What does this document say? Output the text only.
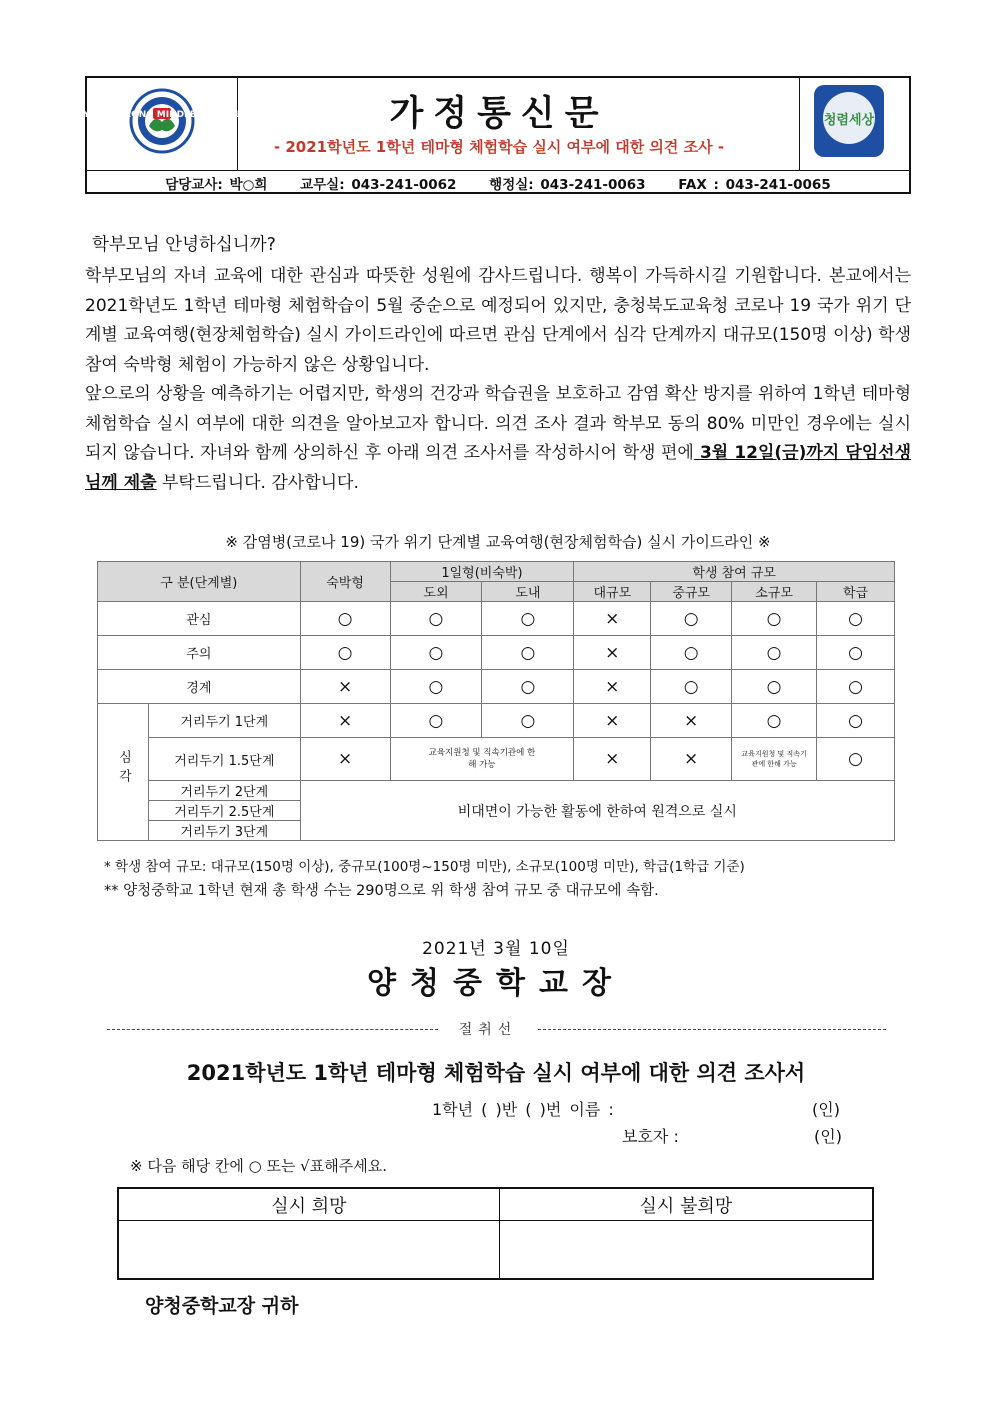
YANGCHEONG MIDDLE SCHOOL	가정통신문
- 2021학년도 1학년 테마형 체험학습 실시 여부에 대한 의견 조사 -
청렴세상
담당교사: 박○희 교무실: 043-241-0062 행정실: 043-241-0063 FAX : 043-241-0065
학부모님 안녕하십니까?
학부모님의 자녀 교육에 대한 관심과 따뜻한 성원에 감사드립니다. 행복이 가득하시길 기원합니다. 본교에서는 2021학년도 1학년 테마형 체험학습이 5월 중순으로 예정되어 있지만, 충청북도교육청 코로나 19 국가 위기 단계별 교육여행(현장체험학습) 실시 가이드라인에 따르면 관심 단계에서 심각 단계까지 대규모(150명 이상) 학생 참여 숙박형 체험이 가능하지 않은 상황입니다.
앞으로의 상황을 예측하기는 어렵지만, 학생의 건강과 학습권을 보호하고 감염 확산 방지를 위하여 1학년 테마형 체험학습 실시 여부에 대한 의견을 알아보고자 합니다. 의견 조사 결과 학부모 동의 80% 미만인 경우에는 실시되지 않습니다. 자녀와 함께 상의하신 후 아래 의견 조사서를 작성하시어 학생 편에 3월 12일(금)까지 담임선생님께 제출 부탁드립니다. 감사합니다.
※ 감염병(코로나 19) 국가 위기 단계별 교육여행(현장체험학습) 실시 가이드라인 ※
구 분(단계별)		숙박형	1일형(비숙박)		학생 참여 규모			
			도외	도내	대규모	중규모	소규모	학급
관심		○	○	○	×	○	○	○
주의		○	○	○	×	○	○	○
경계		×	○	○	×	○	○	○
심각	거리두기 1단계	×	○	○	×	×	○	○
	거리두기 1.5단계	×	교육지원청 및 직속기관에 한해 가능		×	×	교육지원청 및 직속기관에 한해 가능	○
	거리두기 2단계	비대면이 가능한 활동에 한하여 원격으로 실시						
	거리두기 2.5단계							
	거리두기 3단계							
* 학생 참여 규모: 대규모(150명 이상), 중규모(100명~150명 미만), 소규모(100명 미만), 학급(1학급 기준)
** 양청중학교 1학년 현재 총 학생 수는 290명으로 위 학생 참여 규모 중 대규모에 속함.
2021년 3월 10일
양청중학교장
절취선
2021학년도 1학년 테마형 체험학습 실시 여부에 대한 의견 조사서
1학년 ( )반 ( )번 이름 :	(인)
보호자 :	(인)
※ 다음 해당 칸에 ○ 또는 √표해주세요.
실시 희망	실시 불희망

양청중학교장 귀하
